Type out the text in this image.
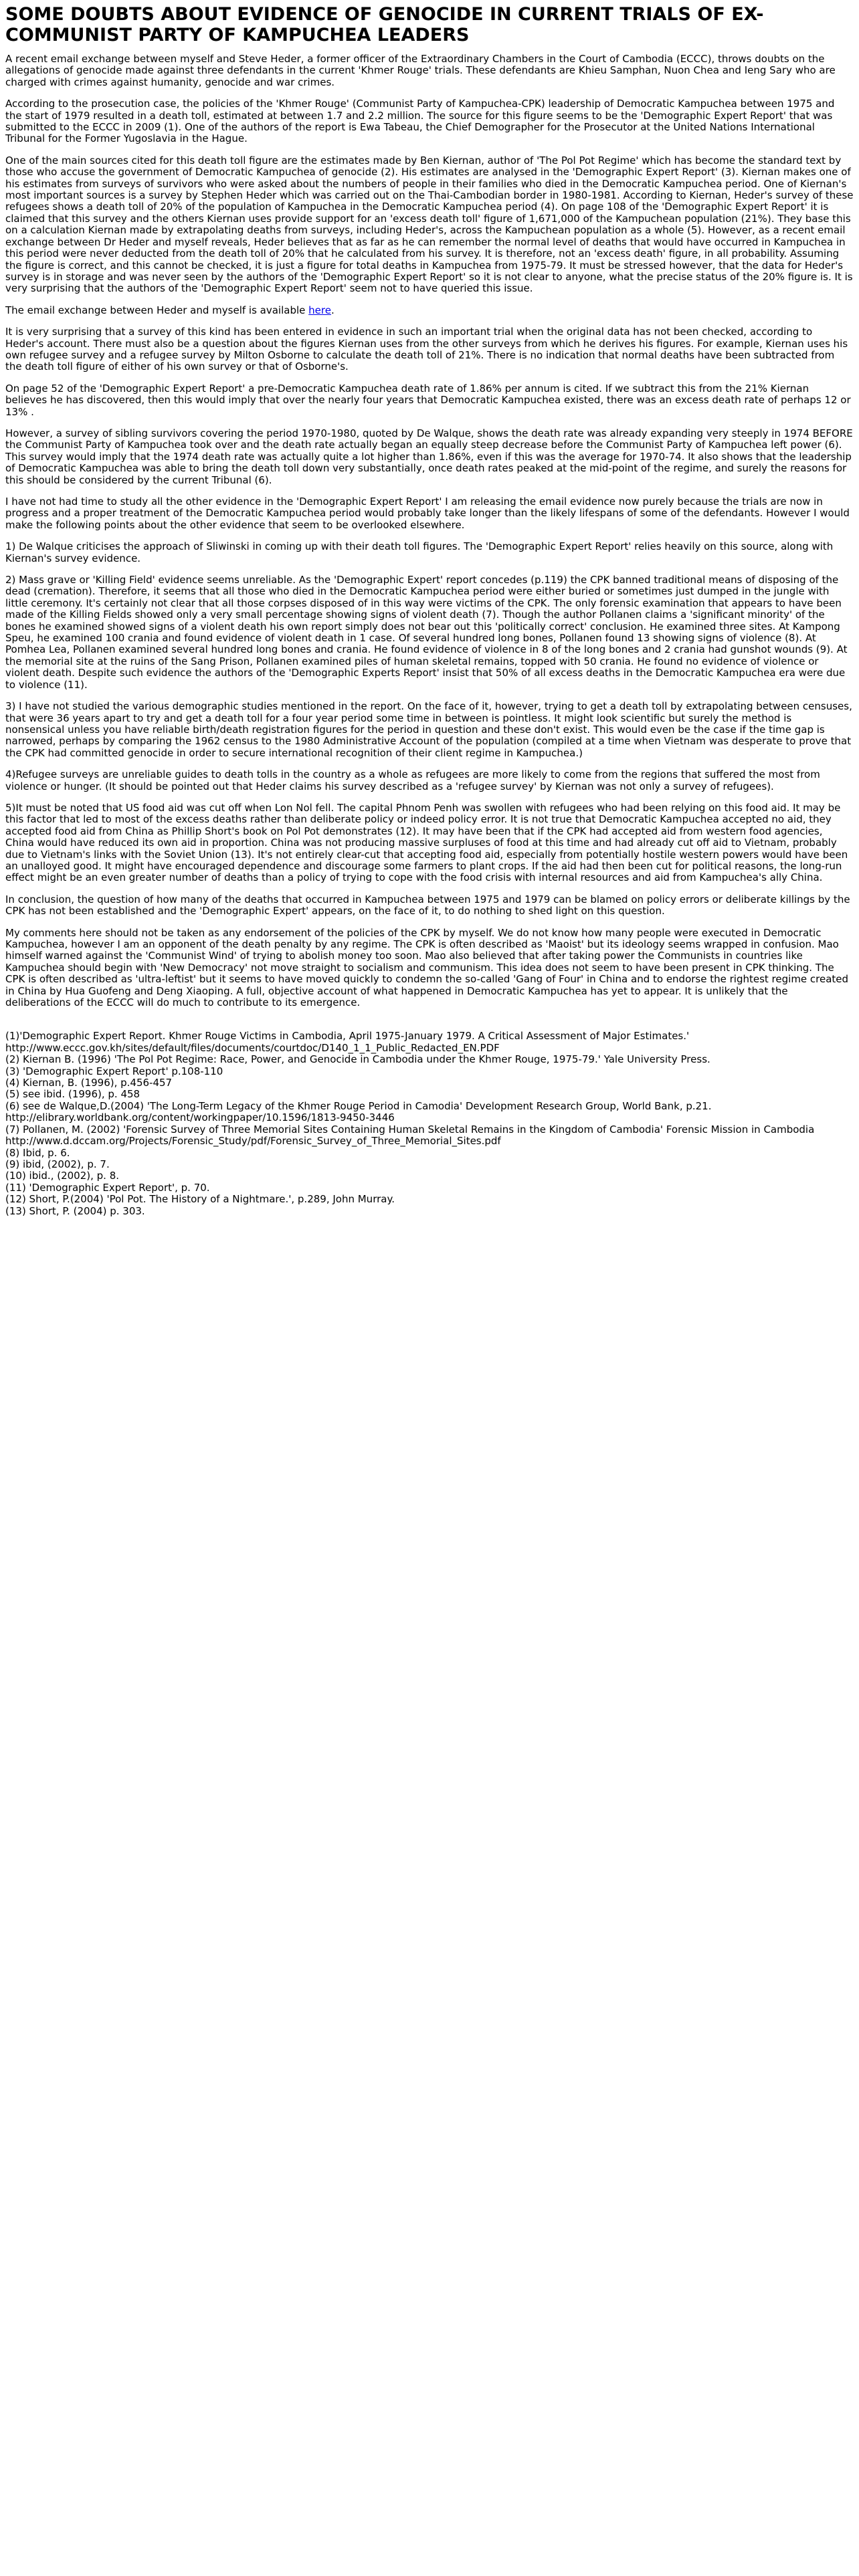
SOME DOUBTS ABOUT EVIDENCE OF GENOCIDE IN CURRENT TRIALS OF EX-COMMUNIST PARTY OF KAMPUCHEA LEADERS

A recent email exchange between myself and Steve Heder, a former officer of the Extraordinary Chambers in the Court of Cambodia (ECCC), throws doubts on the allegations of genocide made against three defendants in the current 'Khmer Rouge' trials. These defendants are Khieu Samphan, Nuon Chea and Ieng Sary who are charged with crimes against humanity, genocide and war crimes.

According to the prosecution case, the policies of the 'Khmer Rouge' (Communist Party of Kampuchea-CPK) leadership of Democratic Kampuchea between 1975 and the start of 1979 resulted in a death toll, estimated at between 1.7 and 2.2 million. The source for this figure seems to be the 'Demographic Expert Report' that was submitted to the ECCC in 2009 (1). One of the authors of the report is Ewa Tabeau, the Chief Demographer for the Prosecutor at the United Nations International Tribunal for the Former Yugoslavia in the Hague.

One of the main sources cited for this death toll figure are the estimates made by Ben Kiernan, author of 'The Pol Pot Regime' which has become the standard text by those who accuse the government of Democratic Kampuchea of genocide (2). His estimates are analysed in the 'Demographic Expert Report' (3). Kiernan makes one of his estimates from surveys of survivors who were asked about the numbers of people in their families who died in the Democratic Kampuchea period. One of Kiernan's most important sources is a survey by Stephen Heder which was carried out on the Thai-Cambodian border in 1980-1981. According to Kiernan, Heder's survey of these refugees shows a death toll of 20% of the population of Kampuchea in the Democratic Kampuchea period (4). On page 108 of the 'Demographic Expert Report' it is claimed that this survey and the others Kiernan uses provide support for an 'excess death toll' figure of 1,671,000 of the Kampuchean population (21%). They base this on a calculation Kiernan made by extrapolating deaths from surveys, including Heder's, across the Kampuchean population as a whole (5). However, as a recent email exchange between Dr Heder and myself reveals, Heder believes that as far as he can remember the normal level of deaths that would have occurred in Kampuchea in this period were never deducted from the death toll of 20% that he calculated from his survey. It is therefore, not an 'excess death' figure, in all probability. Assuming the figure is correct, and this cannot be checked, it is just a figure for total deaths in Kampuchea from 1975-79. It must be stressed however, that the data for Heder's survey is in storage and was never seen by the authors of the 'Demographic Expert Report' so it is not clear to anyone, what the precise status of the 20% figure is. It is very surprising that the authors of the 'Demographic Expert Report' seem not to have queried this issue.

The email exchange between Heder and myself is available here.

It is very surprising that a survey of this kind has been entered in evidence in such an important trial when the original data has not been checked, according to Heder's account. There must also be a question about the figures Kiernan uses from the other surveys from which he derives his figures. For example, Kiernan uses his own refugee survey and a refugee survey by Milton Osborne to calculate the death toll of 21%. There is no indication that normal deaths have been subtracted from the death toll figure of either of his own survey or that of Osborne's.

On page 52 of the 'Demographic Expert Report' a pre-Democratic Kampuchea death rate of 1.86% per annum is cited. If we subtract this from the 21% Kiernan believes he has discovered, then this would imply that over the nearly four years that Democratic Kampuchea existed, there was an excess death rate of perhaps 12 or 13% .

However, a survey of sibling survivors covering the period 1970-1980, quoted by De Walque, shows the death rate was already expanding very steeply in 1974 BEFORE the Communist Party of Kampuchea took over and the death rate actually began an equally steep decrease before the Communist Party of Kampuchea left power (6). This survey would imply that the 1974 death rate was actually quite a lot higher than 1.86%, even if this was the average for 1970-74. It also shows that the leadership of Democratic Kampuchea was able to bring the death toll down very substantially, once death rates peaked at the mid-point of the regime, and surely the reasons for this should be considered by the current Tribunal (6).

I have not had time to study all the other evidence in the 'Demographic Expert Report' I am releasing the email evidence now purely because the trials are now in progress and a proper treatment of the Democratic Kampuchea period would probably take longer than the likely lifespans of some of the defendants. However I would make the following points about the other evidence that seem to be overlooked elsewhere.

1) De Walque criticises the approach of Sliwinski in coming up with their death toll figures. The 'Demographic Expert Report' relies heavily on this source, along with Kiernan's survey evidence.

2) Mass grave or 'Killing Field' evidence seems unreliable. As the 'Demographic Expert' report concedes (p.119) the CPK banned traditional means of disposing of the dead (cremation). Therefore, it seems that all those who died in the Democratic Kampuchea period were either buried or sometimes just dumped in the jungle with little ceremony. It's certainly not clear that all those corpses disposed of in this way were victims of the CPK. The only forensic examination that appears to have been made of the Killing Fields showed only a very small percentage showing signs of violent death (7). Though the author Pollanen claims a 'significant minority' of the bones he examined showed signs of a violent death his own report simply does not bear out this 'politically correct' conclusion. He examined three sites. At Kampong Speu, he examined 100 crania and found evidence of violent death in 1 case. Of several hundred long bones, Pollanen found 13 showing signs of violence (8). At Pomhea Lea, Pollanen examined several hundred long bones and crania. He found evidence of violence in 8 of the long bones and 2 crania had gunshot wounds (9). At the memorial site at the ruins of the Sang Prison, Pollanen examined piles of human skeletal remains, topped with 50 crania. He found no evidence of violence or violent death. Despite such evidence the authors of the 'Demographic Experts Report' insist that 50% of all excess deaths in the Democratic Kampuchea era were due to violence (11).

3) I have not studied the various demographic studies mentioned in the report. On the face of it, however, trying to get a death toll by extrapolating between censuses, that were 36 years apart to try and get a death toll for a four year period some time in between is pointless. It might look scientific but surely the method is nonsensical unless you have reliable birth/death registration figures for the period in question and these don't exist. This would even be the case if the time gap is narrowed, perhaps by comparing the 1962 census to the 1980 Administrative Account of the population (compiled at a time when Vietnam was desperate to prove that the CPK had committed genocide in order to secure international recognition of their client regime in Kampuchea.)

4)Refugee surveys are unreliable guides to death tolls in the country as a whole as refugees are more likely to come from the regions that suffered the most from violence or hunger. (It should be pointed out that Heder claims his survey described as a 'refugee survey' by Kiernan was not only a survey of refugees).

5)It must be noted that US food aid was cut off when Lon Nol fell. The capital Phnom Penh was swollen with refugees who had been relying on this food aid. It may be this factor that led to most of the excess deaths rather than deliberate policy or indeed policy error. It is not true that Democratic Kampuchea accepted no aid, they accepted food aid from China as Phillip Short's book on Pol Pot demonstrates (12). It may have been that if the CPK had accepted aid from western food agencies, China would have reduced its own aid in proportion. China was not producing massive surpluses of food at this time and had already cut off aid to Vietnam, probably due to Vietnam's links with the Soviet Union (13). It's not entirely clear-cut that accepting food aid, especially from potentially hostile western powers would have been an unalloyed good. It might have encouraged dependence and discourage some farmers to plant crops. If the aid had then been cut for political reasons, the long-run effect might be an even greater number of deaths than a policy of trying to cope with the food crisis with internal resources and aid from Kampuchea's ally China.

In conclusion, the question of how many of the deaths that occurred in Kampuchea between 1975 and 1979 can be blamed on policy errors or deliberate killings by the CPK has not been established and the 'Demographic Expert' appears, on the face of it, to do nothing to shed light on this question.

My comments here should not be taken as any endorsement of the policies of the CPK by myself. We do not know how many people were executed in Democratic Kampuchea, however I am an opponent of the death penalty by any regime. The CPK is often described as 'Maoist' but its ideology seems wrapped in confusion. Mao himself warned against the 'Communist Wind' of trying to abolish money too soon. Mao also believed that after taking power the Communists in countries like Kampuchea should begin with 'New Democracy' not move straight to socialism and communism. This idea does not seem to have been present in CPK thinking. The CPK is often described as 'ultra-leftist' but it seems to have moved quickly to condemn the so-called 'Gang of Four' in China and to endorse the rightest regime created in China by Hua Guofeng and Deng Xiaoping. A full, objective account of what happened in Democratic Kampuchea has yet to appear. It is unlikely that the deliberations of the ECCC will do much to contribute to its emergence.

(1)'Demographic Expert Report. Khmer Rouge Victims in Cambodia, April 1975-January 1979. A Critical Assessment of Major Estimates.'
http://www.eccc.gov.kh/sites/default/files/documents/courtdoc/D140_1_1_Public_Redacted_EN.PDF
(2) Kiernan B. (1996) 'The Pol Pot Regime: Race, Power, and Genocide in Cambodia under the Khmer Rouge, 1975-79.' Yale University Press.
(3) 'Demographic Expert Report' p.108-110
(4) Kiernan, B. (1996), p.456-457
(5) see ibid. (1996), p. 458
(6) see de Walque,D.(2004) 'The Long-Term Legacy of the Khmer Rouge Period in Camodia' Development Research Group, World Bank, p.21. http://elibrary.worldbank.org/content/workingpaper/10.1596/1813-9450-3446
(7) Pollanen, M. (2002) 'Forensic Survey of Three Memorial Sites Containing Human Skeletal Remains in the Kingdom of Cambodia' Forensic Mission in Cambodia http://www.d.dccam.org/Projects/Forensic_Study/pdf/Forensic_Survey_of_Three_Memorial_Sites.pdf
(8) Ibid, p. 6.
(9) ibid, (2002), p. 7.
(10) ibid., (2002), p. 8.
(11) 'Demographic Expert Report', p. 70.
(12) Short, P.(2004) 'Pol Pot. The History of a Nightmare.', p.289, John Murray.
(13) Short, P. (2004) p. 303.
